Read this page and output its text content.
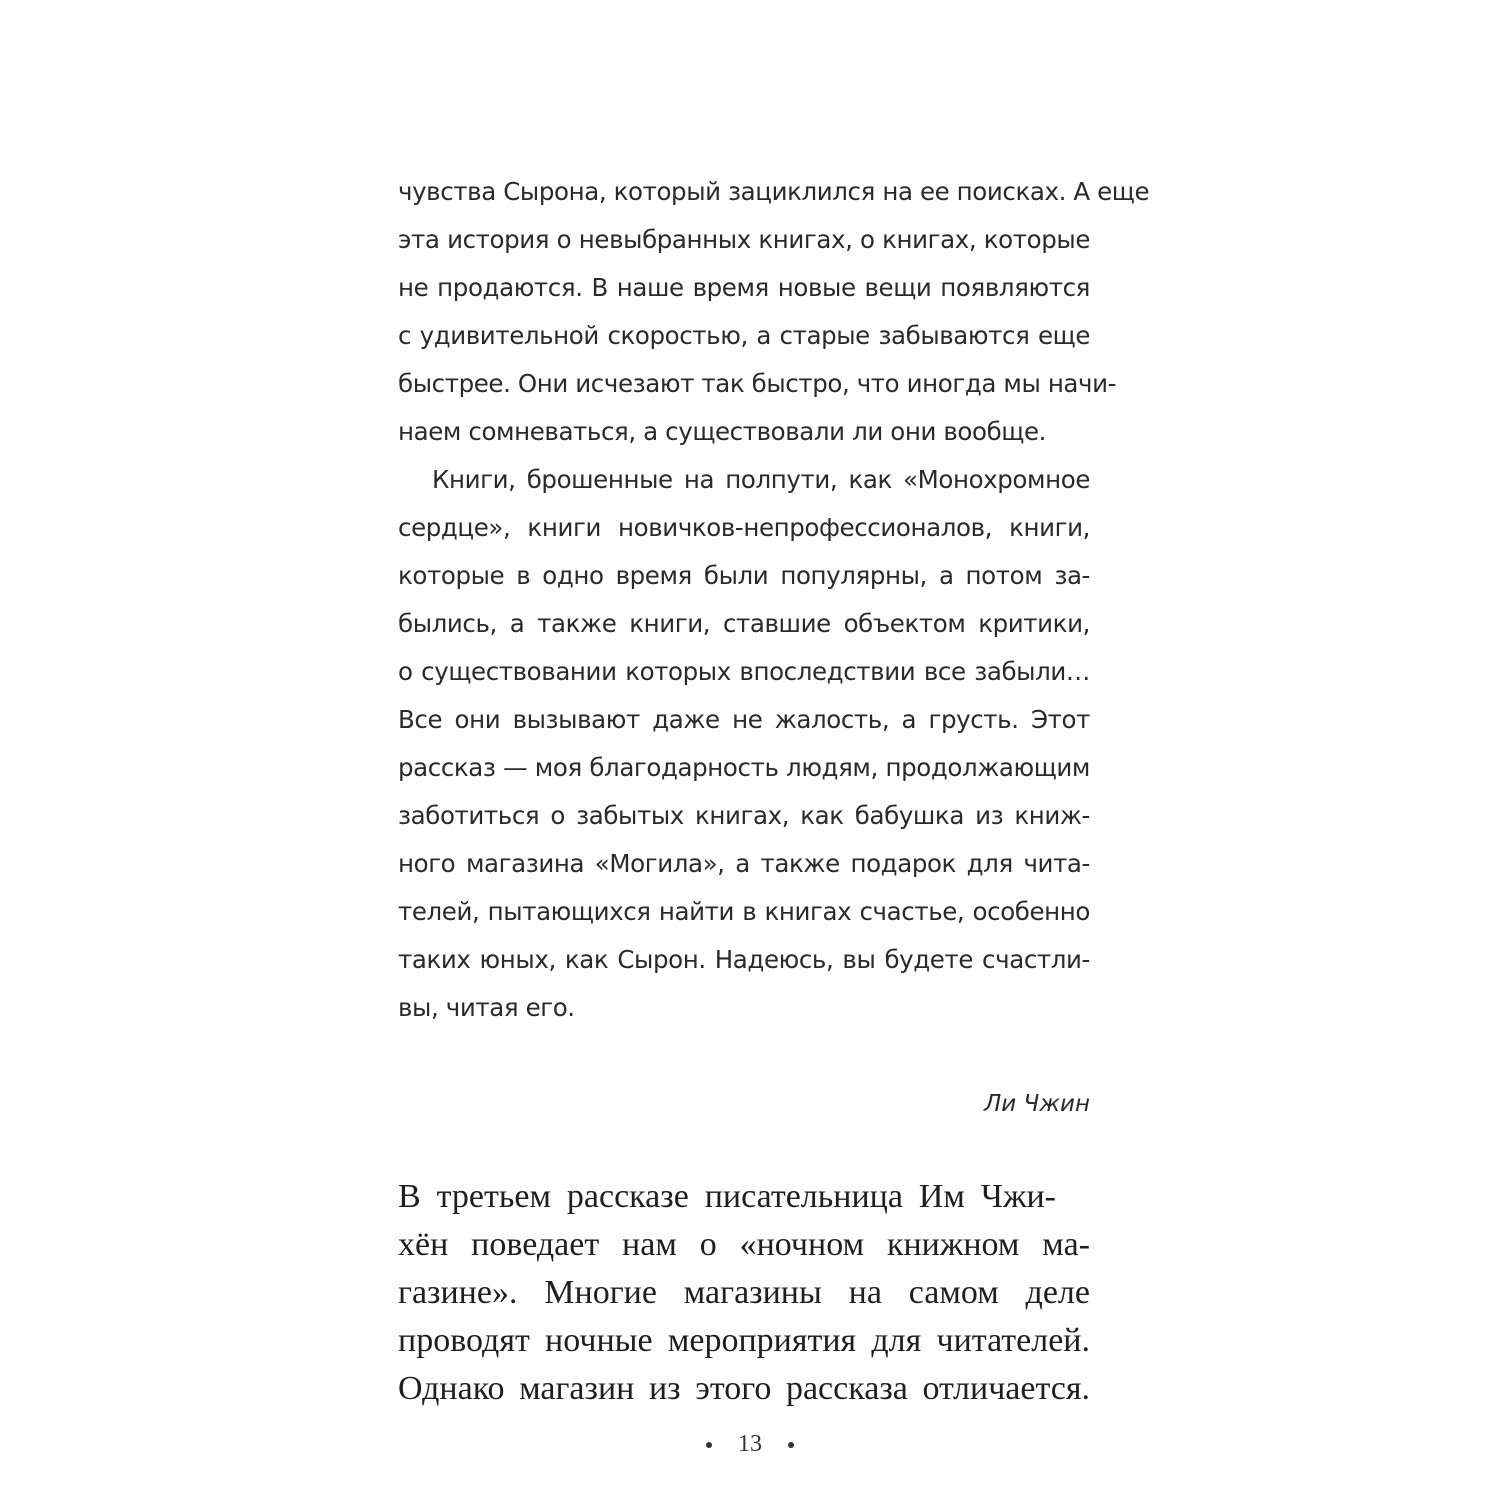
чувства Сырона, который зациклился на ее поисках. А еще
эта история о невыбранных книгах, о книгах, которые
не продаются. В наше время новые вещи появляются
с удивительной скоростью, а старые забываются еще
быстрее. Они исчезают так быстро, что иногда мы начи-
наем сомневаться, а существовали ли они вообще.
Книги, брошенные на полпути, как «Монохромное
сердце», книги новичков-непрофессионалов, книги,
которые в одно время были популярны, а потом за-
былись, а также книги, ставшие объектом критики,
о существовании которых впоследствии все забыли…
Все они вызывают даже не жалость, а грусть. Этот
рассказ — моя благодарность людям, продолжающим
заботиться о забытых книгах, как бабушка из книж-
ного магазина «Могила», а также подарок для чита-
телей, пытающихся найти в книгах счастье, особенно
таких юных, как Сырон. Надеюсь, вы будете счастли-
вы, читая его.
Ли Чжин
В третьем рассказе писательница Им Чжи-
хён поведает нам о «ночном книжном ма-
газине». Многие магазины на самом деле
проводят ночные мероприятия для читателей.
Однако магазин из этого рассказа отличается.
13
